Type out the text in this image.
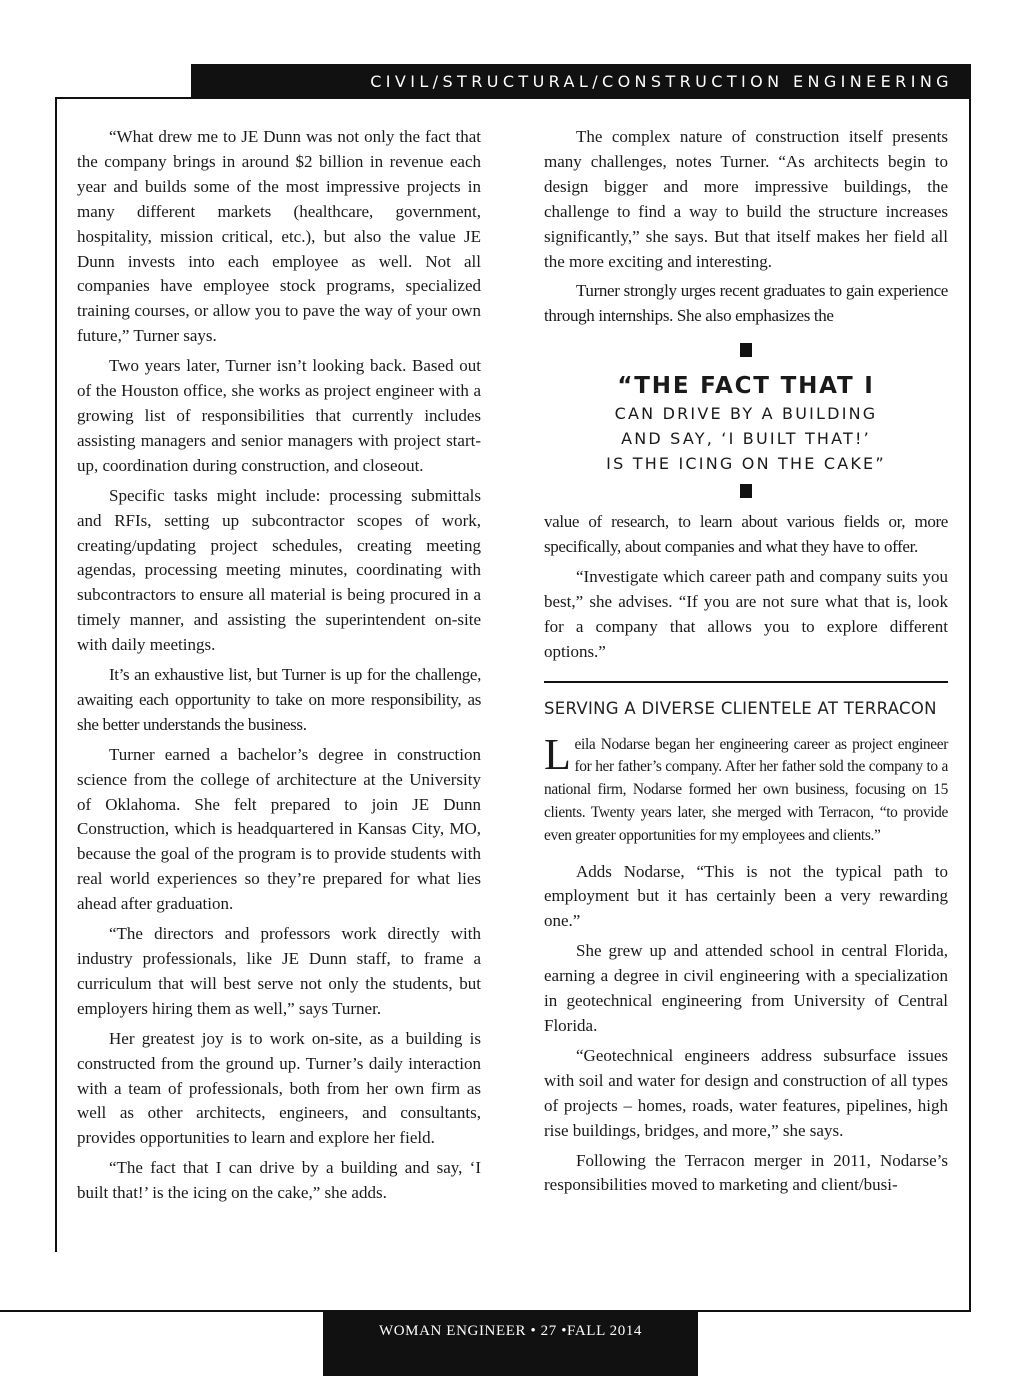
CIVIL/STRUCTURAL/CONSTRUCTION ENGINEERING

“What drew me to JE Dunn was not only the fact that the company brings in around $2 billion in revenue each year and builds some of the most impressive projects in many different markets (healthcare, government, hospitality, mission critical, etc.), but also the value JE Dunn invests into each employee as well. Not all companies have employee stock programs, specialized training courses, or allow you to pave the way of your own future,” Turner says.

Two years later, Turner isn’t looking back. Based out of the Houston office, she works as project engineer with a growing list of responsibilities that currently includes assisting managers and senior managers with project start-up, coordination during construction, and closeout.

Specific tasks might include: processing submittals and RFIs, setting up subcontractor scopes of work, creating/updating project schedules, creating meeting agendas, processing meeting minutes, coordinating with subcontractors to ensure all material is being procured in a timely manner, and assisting the superintendent on-site with daily meetings.

It’s an exhaustive list, but Turner is up for the challenge, awaiting each opportunity to take on more responsibility, as she better understands the business.

Turner earned a bachelor’s degree in construction science from the college of architecture at the University of Oklahoma. She felt prepared to join JE Dunn Construction, which is headquartered in Kansas City, MO, because the goal of the program is to provide students with real world experiences so they’re prepared for what lies ahead after graduation.

“The directors and professors work directly with industry professionals, like JE Dunn staff, to frame a curriculum that will best serve not only the students, but employers hiring them as well,” says Turner.

Her greatest joy is to work on-site, as a building is constructed from the ground up. Turner’s daily interaction with a team of professionals, both from her own firm as well as other architects, engineers, and consultants, provides opportunities to learn and explore her field.

“The fact that I can drive by a building and say, ‘I built that!’ is the icing on the cake,” she adds.

The complex nature of construction itself presents many challenges, notes Turner. “As architects begin to design bigger and more impressive buildings, the challenge to find a way to build the structure increases significantly,” she says. But that itself makes her field all the more exciting and interesting.

Turner strongly urges recent graduates to gain experience through internships. She also emphasizes the

“THE FACT THAT I
CAN DRIVE BY A BUILDING
AND SAY, ‘I BUILT THAT!’
IS THE ICING ON THE CAKE”

value of research, to learn about various fields or, more specifically, about companies and what they have to offer.

“Investigate which career path and company suits you best,” she advises. “If you are not sure what that is, look for a company that allows you to explore different options.”

SERVING A DIVERSE CLIENTELE AT TERRACON

Leila Nodarse began her engineering career as project engineer for her father’s company. After her father sold the company to a national firm, Nodarse formed her own business, focusing on 15 clients. Twenty years later, she merged with Terracon, “to provide even greater opportunities for my employees and clients.”

Adds Nodarse, “This is not the typical path to employment but it has certainly been a very rewarding one.”

She grew up and attended school in central Florida, earning a degree in civil engineering with a specialization in geotechnical engineering from University of Central Florida.

“Geotechnical engineers address subsurface issues with soil and water for design and construction of all types of projects – homes, roads, water features, pipelines, high rise buildings, bridges, and more,” she says.

Following the Terracon merger in 2011, Nodarse’s responsibilities moved to marketing and client/busi-

WOMAN ENGINEER • 27 •FALL 2014
